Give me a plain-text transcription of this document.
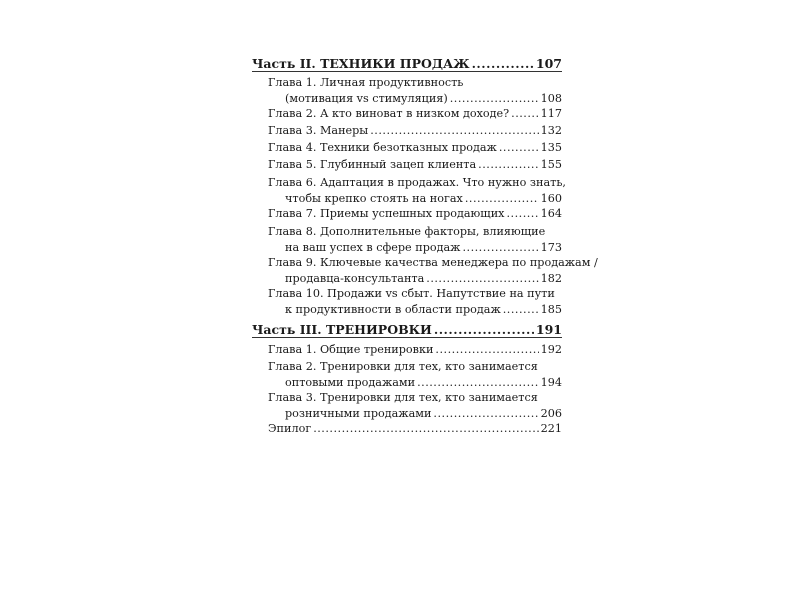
Часть II. ТЕХНИКИ ПРОДАЖ .....	107
Глава 1. Личная продуктивность
(мотивация vs стимуляция) .....	108
Глава 2. А кто виноват в низком доходе? .....	117
Глава 3. Манеры .....	132
Глава 4. Техники безотказных продаж .....	135
Глава 5. Глубинный зацеп клиента .....	155
Глава 6. Адаптация в продажах. Что нужно знать,
чтобы крепко стоять на ногах .....	160
Глава 7. Приемы успешных продающих .....	164
Глава 8. Дополнительные факторы, влияющие
на ваш успех в сфере продаж .....	173
Глава 9. Ключевые качества менеджера по продажам /
продавца-консультанта .....	182
Глава 10. Продажи vs сбыт. Напутствие на пути
к продуктивности в области продаж .....	185
Часть III. ТРЕНИРОВКИ .....	191
Глава 1. Общие тренировки .....	192
Глава 2. Тренировки для тех, кто занимается
оптовыми продажами .....	194
Глава 3. Тренировки для тех, кто занимается
розничными продажами .....	206
Эпилог .....	221
